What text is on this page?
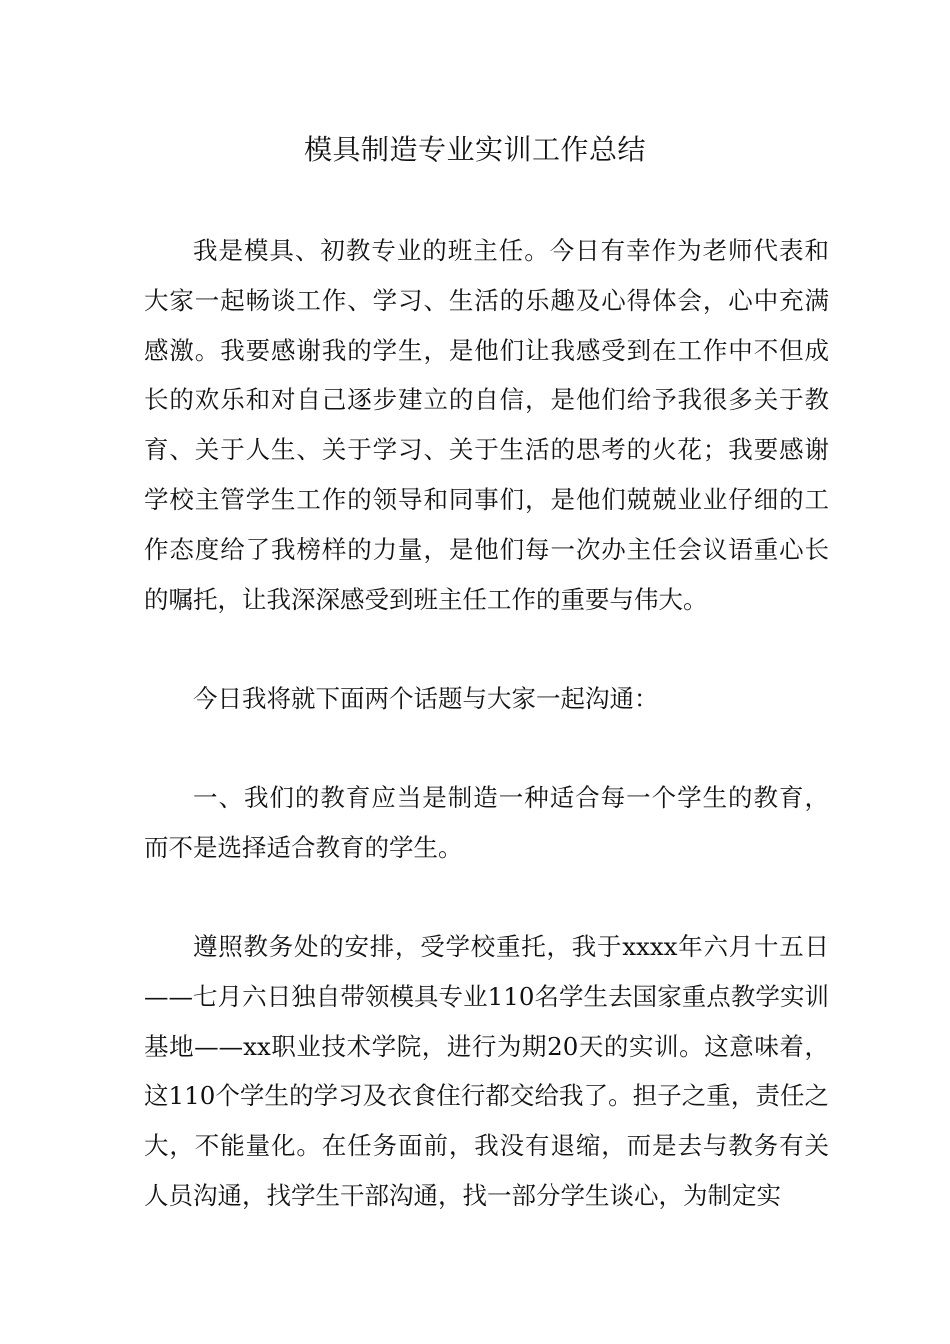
模具制造专业实训工作总结

我是模具、初教专业的班主任。今日有幸作为老师代表和大家一起畅谈工作、学习、生活的乐趣及心得体会，心中充满感激。我要感谢我的学生，是他们让我感受到在工作中不但成长的欢乐和对自己逐步建立的自信，是他们给予我很多关于教育、关于人生、关于学习、关于生活的思考的火花；我要感谢学校主管学生工作的领导和同事们，是他们兢兢业业仔细的工作态度给了我榜样的力量，是他们每一次办主任会议语重心长的嘱托，让我深深感受到班主任工作的重要与伟大。

今日我将就下面两个话题与大家一起沟通：

一、我们的教育应当是制造一种适合每一个学生的教育，而不是选择适合教育的学生。

遵照教务处的安排，受学校重托，我于xxxx年六月十五日——七月六日独自带领模具专业110名学生去国家重点教学实训基地——xx职业技术学院，进行为期20天的实训。这意味着，这110个学生的学习及衣食住行都交给我了。担子之重，责任之大，不能量化。在任务面前，我没有退缩，而是去与教务有关人员沟通，找学生干部沟通，找一部分学生谈心，为制定实
